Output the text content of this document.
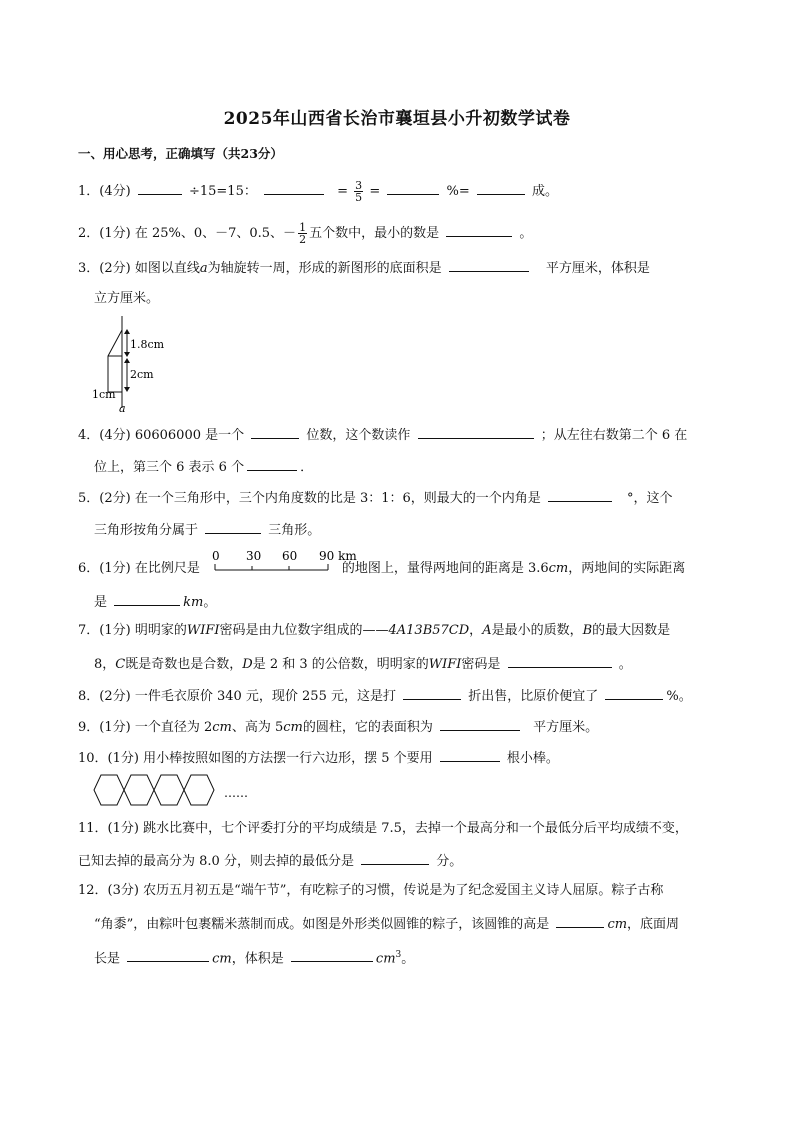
2025年山西省长治市襄垣县小升初数学试卷
一、用心思考，正确填写（共23分）
1．(4分)	÷15=15：	= $\frac{3}{5}$ =	%=	成。
2．(1分) 在 25%、0、－7、0.5、－ $\frac{1}{2}$ 五个数中，最小的数是	。
3．(2分) 如图以直线a为轴旋转一周，形成的新图形的底面积是	平方厘米，体积是
立方厘米。
1.8cm
2cm
1cm
a
4．(4分) 60606000 是一个	位数，这个数读作	；从左往右数第二个 6 在
位上，第三个 6 表示 6 个	．
5．(2分) 在一个三角形中，三个内角度数的比是 3：1：6，则最大的一个内角是	°，这个
三角形按角分属于	三角形。
6．(1分) 在比例尺是	的地图上，量得两地间的距离是 3.6cm，两地间的实际距离
0 30 60 90 km
是	km。
7．(1分) 明明家的WIFI密码是由九位数字组成的——4A13B57CD，A是最小的质数，B的最大因数是
8，C既是奇数也是合数，D是 2 和 3 的公倍数，明明家的WIFI密码是	。
8．(2分) 一件毛衣原价 340 元，现价 255 元，这是打	折出售，比原价便宜了	%。
9．(1分) 一个直径为 2cm、高为 5cm的圆柱，它的表面积为	平方厘米。
10．(1分) 用小棒按照如图的方法摆一行六边形，摆 5 个要用	根小棒。
……
11．(1分) 跳水比赛中，七个评委打分的平均成绩是 7.5，去掉一个最高分和一个最低分后平均成绩不变，
已知去掉的最高分为 8.0 分，则去掉的最低分是	分。
12．(3分) 农历五月初五是“端午节”，有吃粽子的习惯，传说是为了纪念爱国主义诗人屈原。粽子古称
“角黍”，由粽叶包裹糯米蒸制而成。如图是外形类似圆锥的粽子，该圆锥的高是	cm，底面周
长是	cm，体积是	$cm^3$。
